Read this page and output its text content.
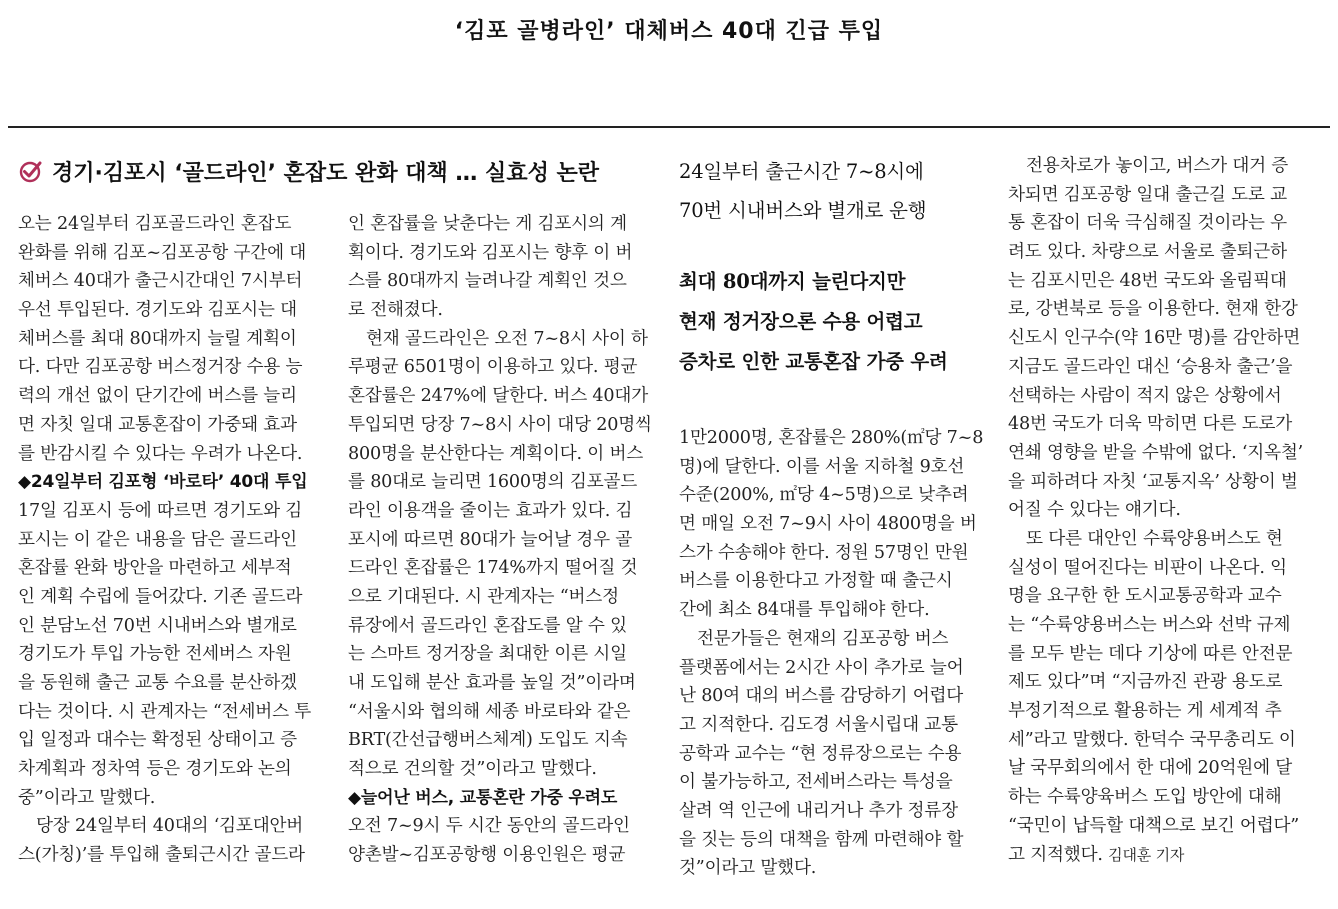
‘김포 골병라인’ 대체버스 40대 긴급 투입
경기·김포시 ‘골드라인’ 혼잡도 완화 대책 … 실효성 논란
오는 24일부터 김포골드라인 혼잡도
완화를 위해 김포~김포공항 구간에 대
체버스 40대가 출근시간대인 7시부터
우선 투입된다. 경기도와 김포시는 대
체버스를 최대 80대까지 늘릴 계획이
다. 다만 김포공항 버스정거장 수용 능
력의 개선 없이 단기간에 버스를 늘리
면 자칫 일대 교통혼잡이 가중돼 효과
를 반감시킬 수 있다는 우려가 나온다.
◆24일부터 김포형 ‘바로타’ 40대 투입
17일 김포시 등에 따르면 경기도와 김
포시는 이 같은 내용을 담은 골드라인
혼잡률 완화 방안을 마련하고 세부적
인 계획 수립에 들어갔다. 기존 골드라
인 분담노선 70번 시내버스와 별개로
경기도가 투입 가능한 전세버스 자원
을 동원해 출근 교통 수요를 분산하겠
다는 것이다. 시 관계자는 “전세버스 투
입 일정과 대수는 확정된 상태이고 증
차계획과 정차역 등은 경기도와 논의
중”이라고 말했다.
당장 24일부터 40대의 ‘김포대안버
스(가칭)’를 투입해 출퇴근시간 골드라
인 혼잡률을 낮춘다는 게 김포시의 계
획이다. 경기도와 김포시는 향후 이 버
스를 80대까지 늘려나갈 계획인 것으
로 전해졌다.
현재 골드라인은 오전 7~8시 사이 하
루평균 6501명이 이용하고 있다. 평균
혼잡률은 247%에 달한다. 버스 40대가
투입되면 당장 7~8시 사이 대당 20명씩
800명을 분산한다는 계획이다. 이 버스
를 80대로 늘리면 1600명의 김포골드
라인 이용객을 줄이는 효과가 있다. 김
포시에 따르면 80대가 늘어날 경우 골
드라인 혼잡률은 174%까지 떨어질 것
으로 기대된다. 시 관계자는 “버스정
류장에서 골드라인 혼잡도를 알 수 있
는 스마트 정거장을 최대한 이른 시일
내 도입해 분산 효과를 높일 것”이라며
“서울시와 협의해 세종 바로타와 같은
BRT(간선급행버스체계) 도입도 지속
적으로 건의할 것”이라고 말했다.
◆늘어난 버스, 교통혼란 가중 우려도
오전 7~9시 두 시간 동안의 골드라인
양촌발~김포공항행 이용인원은 평균
24일부터 출근시간 7~8시에
70번 시내버스와 별개로 운행
최대 80대까지 늘린다지만
현재 정거장으론 수용 어렵고
증차로 인한 교통혼잡 가중 우려
1만2000명, 혼잡률은 280%(㎡당 7~8
명)에 달한다. 이를 서울 지하철 9호선
수준(200%, ㎡당 4~5명)으로 낮추려
면 매일 오전 7~9시 사이 4800명을 버
스가 수송해야 한다. 정원 57명인 만원
버스를 이용한다고 가정할 때 출근시
간에 최소 84대를 투입해야 한다.
전문가들은 현재의 김포공항 버스
플랫폼에서는 2시간 사이 추가로 늘어
난 80여 대의 버스를 감당하기 어렵다
고 지적한다. 김도경 서울시립대 교통
공학과 교수는 “현 정류장으로는 수용
이 불가능하고, 전세버스라는 특성을
살려 역 인근에 내리거나 추가 정류장
을 짓는 등의 대책을 함께 마련해야 할
것”이라고 말했다.
전용차로가 놓이고, 버스가 대거 증
차되면 김포공항 일대 출근길 도로 교
통 혼잡이 더욱 극심해질 것이라는 우
려도 있다. 차량으로 서울로 출퇴근하
는 김포시민은 48번 국도와 올림픽대
로, 강변북로 등을 이용한다. 현재 한강
신도시 인구수(약 16만 명)를 감안하면
지금도 골드라인 대신 ‘승용차 출근’을
선택하는 사람이 적지 않은 상황에서
48번 국도가 더욱 막히면 다른 도로가
연쇄 영향을 받을 수밖에 없다. ‘지옥철’
을 피하려다 자칫 ‘교통지옥’ 상황이 벌
어질 수 있다는 얘기다.
또 다른 대안인 수륙양용버스도 현
실성이 떨어진다는 비판이 나온다. 익
명을 요구한 한 도시교통공학과 교수
는 “수륙양용버스는 버스와 선박 규제
를 모두 받는 데다 기상에 따른 안전문
제도 있다”며 “지금까진 관광 용도로
부정기적으로 활용하는 게 세계적 추
세”라고 말했다. 한덕수 국무총리도 이
날 국무회의에서 한 대에 20억원에 달
하는 수륙양육버스 도입 방안에 대해
“국민이 납득할 대책으로 보긴 어렵다”
고 지적했다. 김대훈 기자
